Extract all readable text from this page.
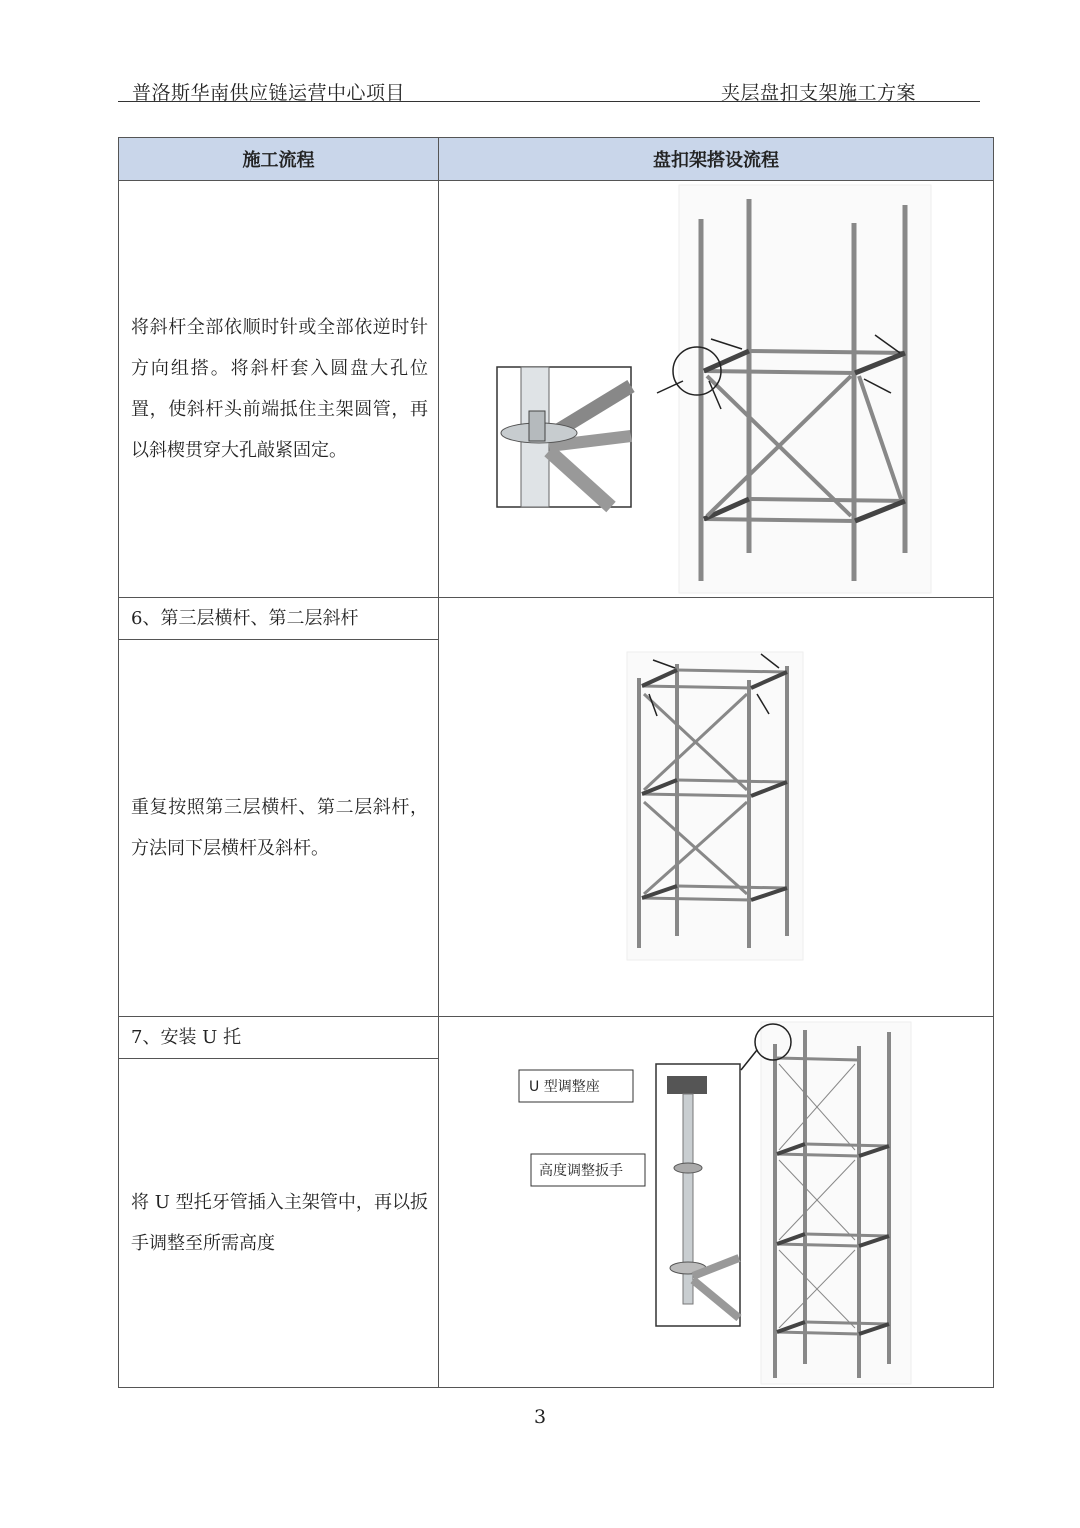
普洛斯华南供应链运营中心项目	夹层盘扣支架施工方案
施工流程	盘扣架搭设流程

将斜杆全部依顺时针或全部依逆时针方向组搭。将斜杆套入圆盘大孔位置，使斜杆头前端抵住主架圆管，再以斜楔贯穿大孔敲紧固定。

6、第三层横杆、第二层斜杆

重复按照第三层横杆、第二层斜杆，方法同下层横杆及斜杆。	

7、安装 U 托	U 型调整座
高度调整扳手

将 U 型托牙管插入主架管中，再以扳手调整至所需高度	
3
